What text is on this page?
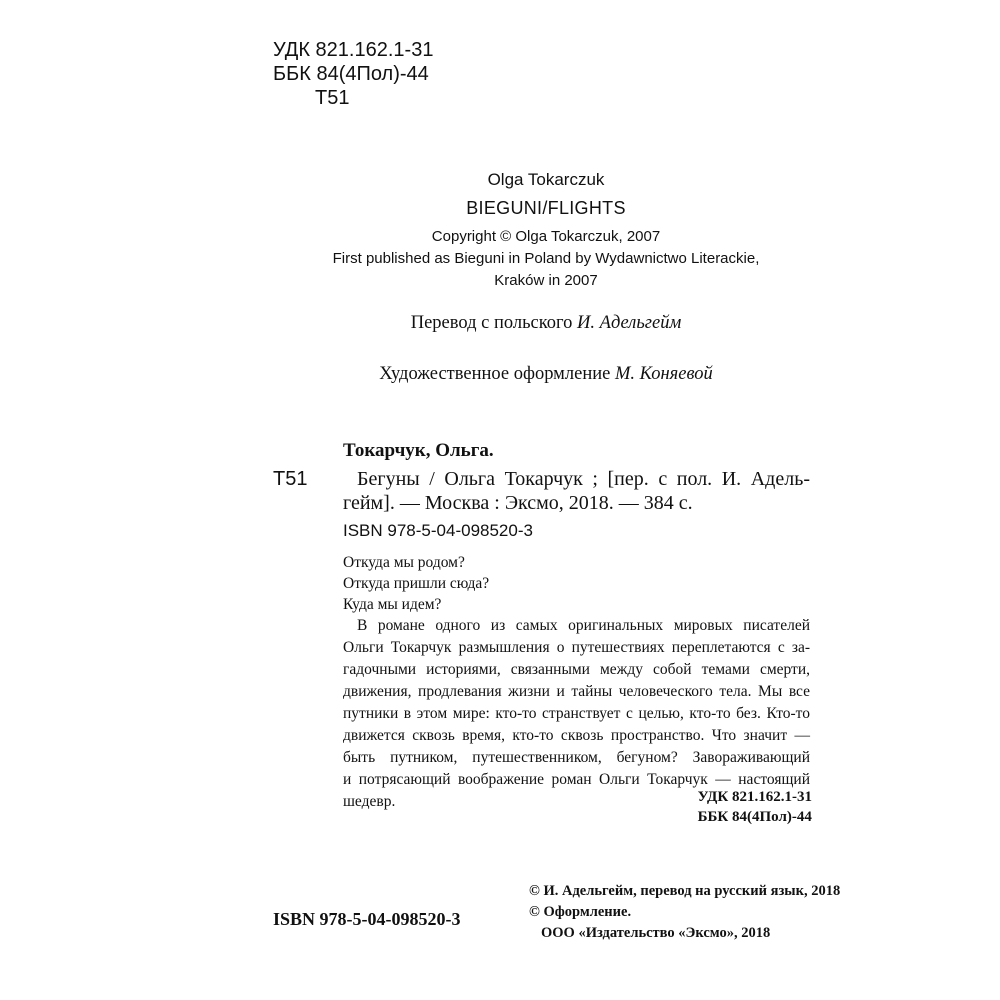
УДК 821.162.1-31
ББК 84(4Пол)-44
Т51
Olga Tokarczuk
BIEGUNI/FLIGHTS
Copyright © Olga Tokarczuk, 2007
First published as Bieguni in Poland by Wydawnictwo Literackie,
Kraków in 2007
Перевод с польского И. Адельгейм
Художественное оформление М. Коняевой
Токарчук, Ольга.
Т51 Бегуны / Ольга Токарчук ; [пер. с пол. И. Адель-
гейм]. — Москва : Эксмо, 2018. — 384 с.
ISBN 978-5-04-098520-3
Откуда мы родом?
Откуда пришли сюда?
Куда мы идем?
В романе одного из самых оригинальных мировых писателей
Ольги Токарчук размышления о путешествиях переплетаются с за-
гадочными историями, связанными между собой темами смерти,
движения, продлевания жизни и тайны человеческого тела. Мы все
путники в этом мире: кто-то странствует с целью, кто-то без. Кто-то
движется сквозь время, кто-то сквозь пространство. Что значит —
быть путником, путешественником, бегуном? Завораживающий
и потрясающий воображение роман Ольги Токарчук — настоящий
шедевр.	УДК 821.162.1-31
ББК 84(4Пол)-44
ISBN 978-5-04-098520-3
© И. Адельгейм, перевод на русский язык, 2018
© Оформление.
ООО «Издательство «Эксмо», 2018
